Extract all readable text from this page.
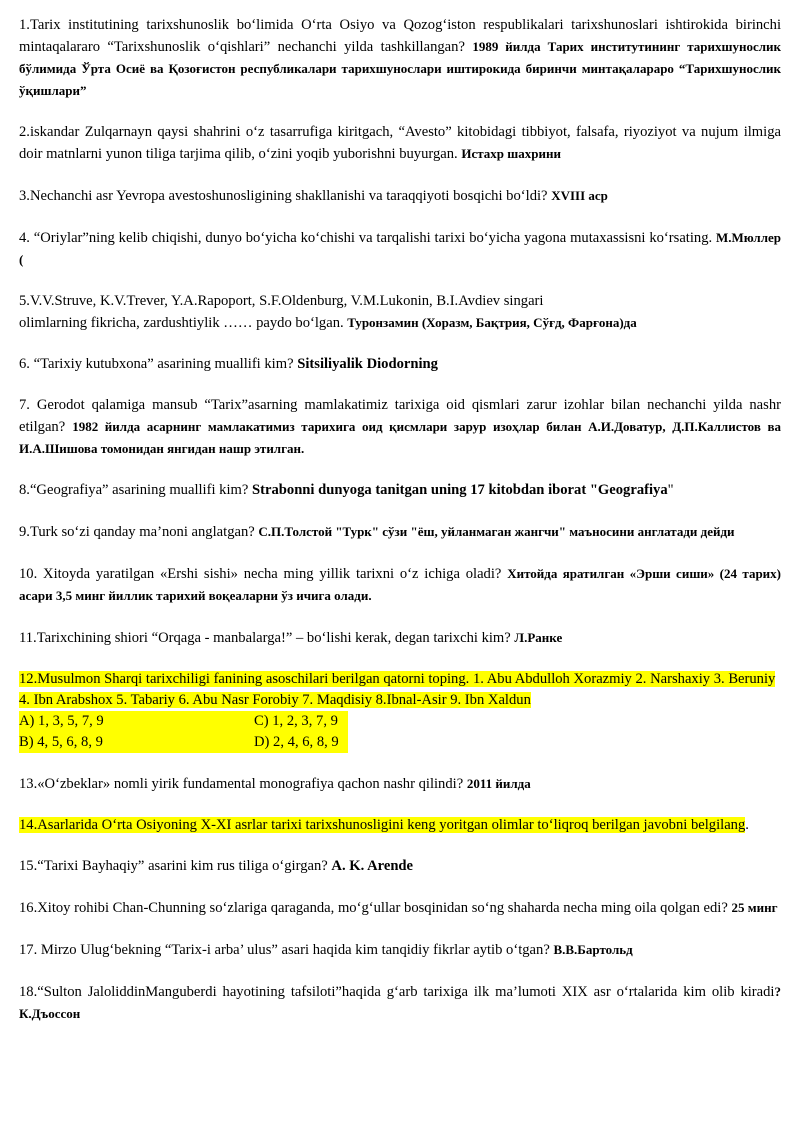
1.Tarix institutining tarixshunoslik bo‘limida O‘rta Osiyo va Qozog‘iston respublikalari tarixshunoslari ishtirokida birinchi mintaqalararo “Tarixshunoslik o‘qishlari” nechanchi yilda tashkillangan? 1989 йилда Тарих институтининг тарихшунослик бўлимида Ўрта Осиё ва Қозоғистон республикалари тарихшунослари иштирокида биринчи минтақалараро “Тарихшунослик ўқишлари”

2.iskandar Zulqarnayn qaysi shahrini o‘z tasarrufiga kiritgach, “Avesto” kitobidagi tibbiyot, falsafa, riyoziyot va nujum ilmiga doir matnlarni yunon tiliga tarjima qilib, o‘zini yoqib yuborishni buyurgan. Истахр шахрини

3.Nechanchi asr Yevropa avestoshunosligining shakllanishi va taraqqiyoti bosqichi bo‘ldi? XVIII аср

4. “Oriylar”ning kelib chiqishi, dunyo bo‘yicha ko‘chishi va tarqalishi tarixi bo‘yicha yagona mutaxassisni ko‘rsating. М.Мюллер (

5.V.V.Struve, K.V.Trever, Y.A.Rapoport, S.F.Oldenburg, V.M.Lukonin, B.I.Avdiev singari
olimlarning fikricha, zardushtiylik …… paydo bo‘lgan. Туронзамин (Хоразм, Бақтрия, Сўғд, Фарғона)да

6. “Tarixiy kutubxona” asarining muallifi kim? Sitsiliyalik Diodorning

7. Gerodot qalamiga mansub “Tarix”asarning mamlakatimiz tarixiga oid qismlari zarur izohlar bilan nechanchi yilda nashr etilgan? 1982 йилда асарнинг мамлакатимиз тарихига оид қисмлари зарур изоҳлар билан А.И.Доватур, Д.П.Каллистов ва И.А.Шишова томонидан янгидан нашр этилган.

8.“Geografiya” asarining muallifi kim? Strabonni dunyoga tanitgan uning 17 kitobdan iborat "Geografiya"

9.Turk so‘zi qanday ma’noni anglatgan? С.П.Толстой "Турк" сўзи "ёш, уйланмаган жангчи" маъносини англатади дейди

10. Xitoyda yaratilgan «Ershi sishi» necha ming yillik tarixni o‘z ichiga oladi? Хитойда яратилган «Эрши сиши» (24 тарих) асари 3,5 минг йиллик тарихий воқеаларни ўз ичига олади.

11.Tarixchining shiori “Orqaga - manbalarga!” – bo‘lishi kerak, degan tarixchi kim? Л.Ранке

12.Musulmon Sharqi tarixchiligi fanining asoschilari berilgan qatorni toping. 1. Abu Abdulloh Xorazmiy 2. Narshaxiy 3. Beruniy 4. Ibn Arabshox 5. Tabariy 6. Abu Nasr Forobiy 7. Maqdisiy 8.Ibnal-Asir 9. Ibn Xaldun

A) 1, 3, 5, 7, 9	C) 1, 2, 3, 7, 9
B) 4, 5, 6, 8, 9	D) 2, 4, 6, 8, 9

13.«O‘zbeklar» nomli yirik fundamental monografiya qachon nashr qilindi? 2011 йилда

14.Asarlarida O‘rta Osiyoning X-XI asrlar tarixi tarixshunosligini keng yoritgan olimlar to‘liqroq berilgan javobni belgilang.

15.“Tarixi Bayhaqiy” asarini kim rus tiliga o‘girgan? A. K. Arende

16.Xitoy rohibi Chan-Chunning so‘zlariga qaraganda, mo‘g‘ullar bosqinidan so‘ng shaharda necha ming oila qolgan edi? 25 минг

17. Mirzo Ulug‘bekning “Tarix-i arba’ ulus” asari haqida kim tanqidiy fikrlar aytib o‘tgan? В.В.Бартольд

18.“Sulton JaloliddinManguberdi hayotining tafsiloti”haqida g‘arb tarixiga ilk ma’lumoti XIX asr o‘rtalarida kim olib kiradi? К.Дъоссон
